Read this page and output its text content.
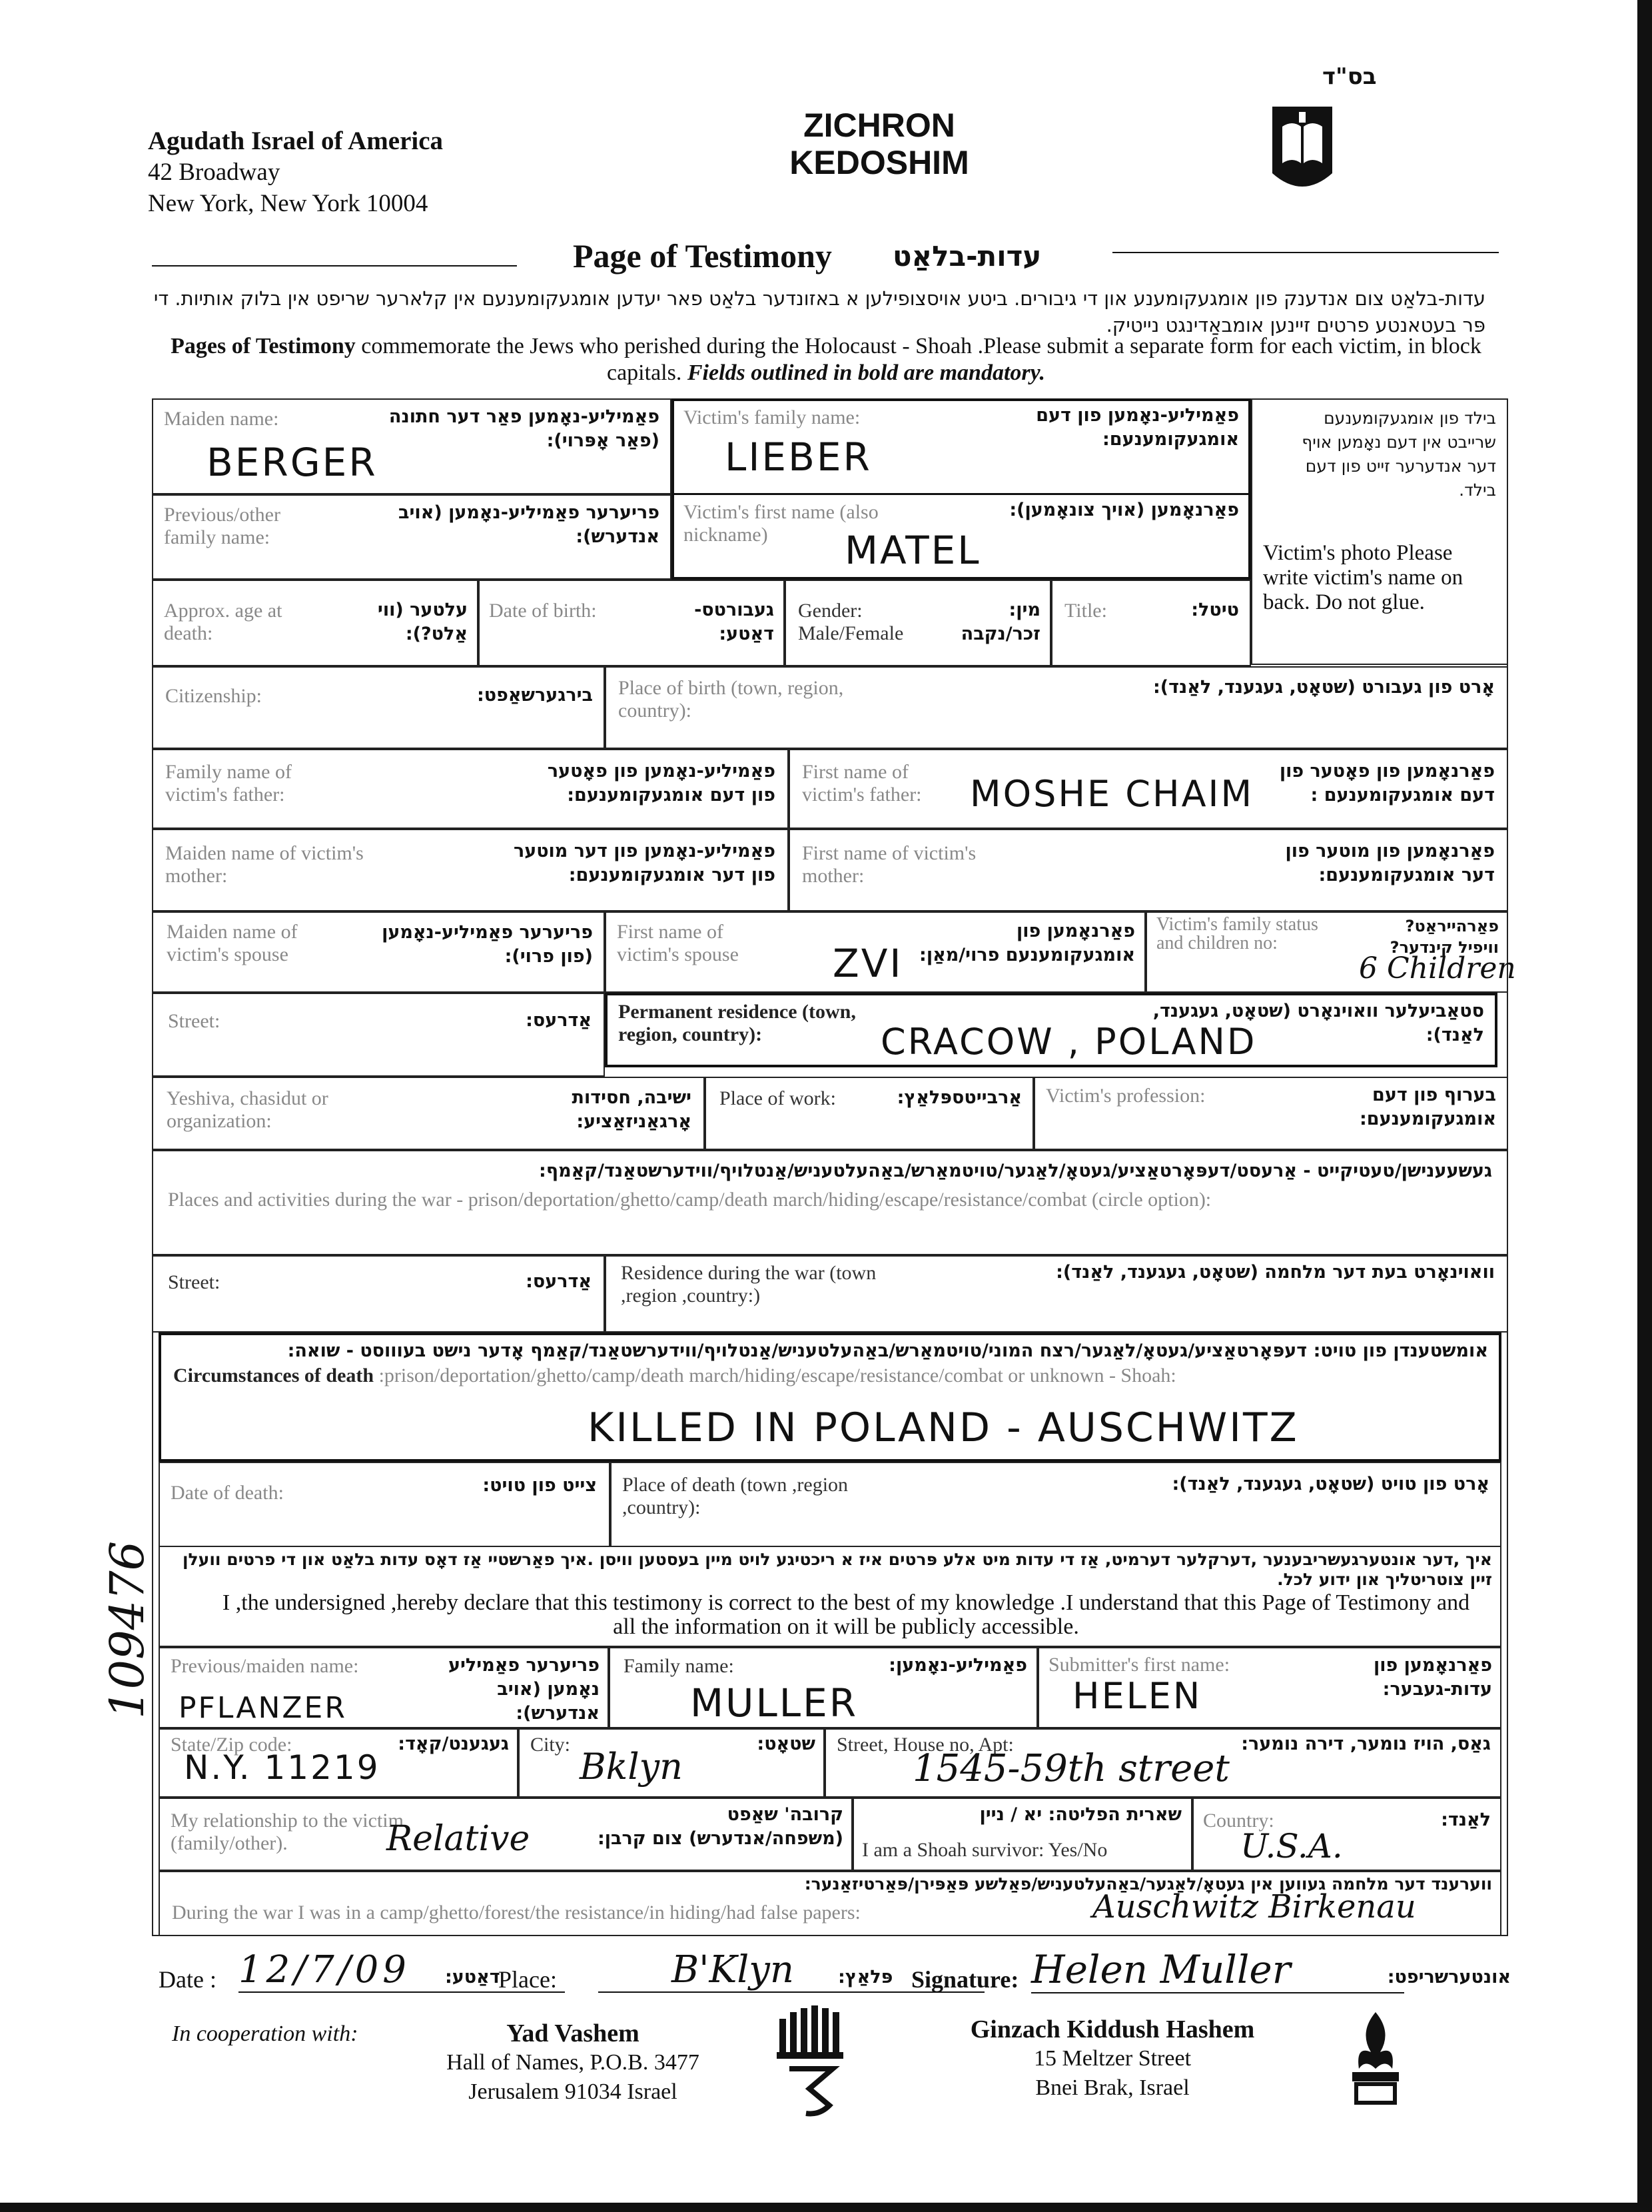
Agudath Israel of America
42 Broadway
New York, New York 10004
ZICHRON
KEDOSHIM
בס"ד
Page of Testimony עדות-בלאַט
עדות-בלאַט צום אנדענק פון אומגעקומענע און די גיבורים. ביטע אויסצופילען א באזונדער בלאַט פאר יעדען אומגעקומענעם אין קלארער שריפט אין בלוק אותיות. די פּר בעטאנטע פרטים זיינען אומבאַדינגט נייטיק.
Pages of Testimony commemorate the Jews who perished during the Holocaust - Shoah .Please submit a separate form for each victim, in block capitals. Fields outlined in bold are mandatory.
Maiden name:	פאַמיליע-נאָמען פאַר דער חתונה (פאַר אָפּרוי):
BERGER
Victim's family name:	פאַמיליע-נאָמען פון דעם אומגעקומענעם:
LIEBER
בילד פון אומגעקומענעם שרייבט אין דעם נאָמען אויף דער אנדערער זייט פון דעם בילד.
Victim's photo Please write victim's name on back. Do not glue.
Previous/other family name:
פריערער פאַמיליע-נאָמען (אויב אנדערש):
Victim's first name (also nickname)
פאַרנאָמען (אויך צונאָמען):
MATEL
Approx. age at death:
עלטער (ווי אַלט?):
Date of birth:	געבורטס- דאַטע:
Gender: Male/Female
מין: זכר/נקבה
Title:	טיטל:
Citizenship:	בירגערשאַפט: Place of birth (town, region, country):
אָרט פון געבורט (שטאָט, געגענד, לאַנד):
Family name of victim's father:
פאַמיליע-נאָמען פון פאָטער פון דעם אומגעקומענעם:
First name of victim's father:
פאַרנאָמען פון פאָטער פון דעם אומגעקומענעם :
MOSHE CHAIM
Maiden name of victim's mother:
פאַמיליע-נאָמען פון דער מוטער פון דער אומגעקומענעם:
First name of victim's mother:
פאַרנאָמען פון מוטער פון דער אומגעקומענעם:
Maiden name of victim's spouse
פריערער פאַמיליע-נאָמען (פון פרוי):
First name of victim's spouse
פאַרנאָמען פון אומגעקומענעם פרוי/מאַן:
ZVI
Victim's family status and children no:
פאַרהייראַט? וויפיל קינדער?
6 Children
Street:	אַדרעס: Permanent residence (town, region, country):
סטאַביעלער וואוינאָרט (שטאָט, געגענד, לאַנד):
CRACOW , POLAND
Yeshiva, chasidut or organization:
ישיבה, חסידות אָרגאַניזאַציע:
Place of work:	אַרבייטספּלאַץ: Victim's profession:	בערוף פון דעם אומגעקומענעם:
געשעענישן/טעטיקייט - אַרעסט/דעפּאָרטאַציע/געטאָ/לאַגער/טויטמאַרש/באַהעלטעניש/אַנטלויף/ווידערשטאַנד/קאַמף:
Places and activities during the war - prison/deportation/ghetto/camp/death march/hiding/escape/resistance/combat (circle option):
Street:	אַדרעס: Residence during the war (town ,region ,country:)
וואוינאָרט בעת דער מלחמה (שטאָט, געגענד, לאַנד):
אומשטענדן פון טויט: דעפּאָרטאַציע/געטאָ/לאַגער/רצח המוני/טויטמאַרש/באַהעלטעניש/אַנטלויף/ווידערשטאַנד/קאַמף אָדער נישט בעוווסט - שואה:
Circumstances of death :prison/deportation/ghetto/camp/death march/hiding/escape/resistance/combat or unknown - Shoah:
KILLED IN POLAND - AUSCHWITZ
Date of death:	צייט פון טויט: Place of death (town ,region ,country):
אָרט פון טויט (שטאָט, געגענד, לאַנד):
איך ,דער אונטערגעשריבענער ,דערקלער דערמיט, אַז די עדות מיט אלע פּרטים איז א ריכטיגע לויט מיין בעסטען וויסן .איך פאַרשטיי אַז דאָס עדות בלאַט און די פרטים וועלן זיין צוטריטליך און ידוע לכל.
I ,the undersigned ,hereby declare that this testimony is correct to the best of my knowledge .I understand that this Page of Testimony and all the information on it will be publicly accessible.
Previous/maiden name:	פריערער פאַמיליע נאָמען (אויב אנדערש):
PFLANZER
Family name:	פאַמיליע-נאָמען:
MULLER
Submitter's first name:	פאַרנאָמען פון עדות-געבער:
HELEN
State/Zip code:	געגענט/קאָד:
N.Y. 11219
City:	שטאָט:
Bklyn
Street, House no, Apt:	גאַס, הויז נומער, דירה נומער:
1545-59th street
My relationship to the victim (family/other).
קרובה' שאַפט (משפחה/אנדערש) צום קרבן:
Relative
שארית הפליטה: יא / ניין
I am a Shoah survivor: Yes/No
Country:	לאַנד:
U.S.A.
ווערענד דער מלחמה געווען אין געטאָ/לאַגער/באַהעלטעניש/פאַלשע פּאַפּירן/פּאַרטיזאַנער:
During the war I was in a camp/ghetto/forest/the resistance/in hiding/had false papers:	Auschwitz Birkenau
Date : 12/7/09	דאַטע:
Place:	B'Klyn	פּלאַץ: Signature: Helen Muller	אונטערשריפט:
In cooperation with:	Yad Vashem
Hall of Names, P.O.B. 3477
Jerusalem 91034 Israel
Ginzach Kiddush Hashem
15 Meltzer Street
Bnei Brak, Israel
109476
